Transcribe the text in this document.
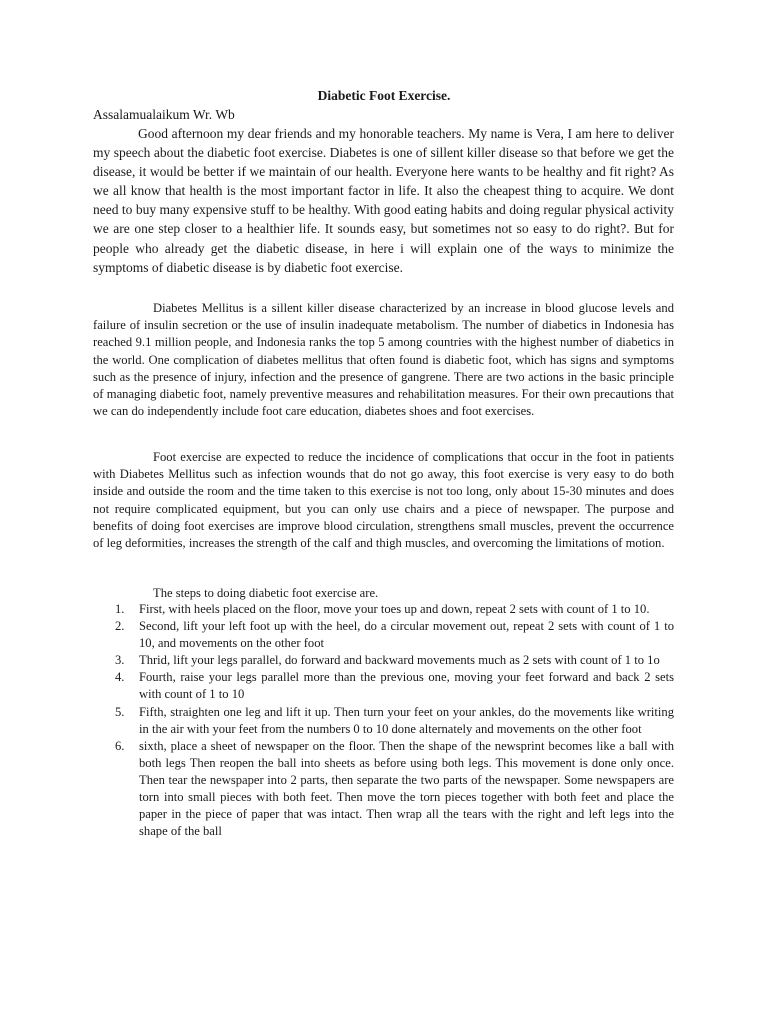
Diabetic Foot Exercise.

Assalamualaikum Wr. Wb

Good afternoon my dear friends and my honorable teachers. My name is Vera, I am here to deliver my speech about the diabetic foot exercise. Diabetes is one of sillent killer disease so that before we get the disease, it would be better if we maintain of our health. Everyone here wants to be healthy and fit right? As we all know that health is the most important factor in life. It also the cheapest thing to acquire. We dont need to buy many expensive stuff to be healthy. With good eating habits and doing regular physical activity we are one step closer to a healthier life. It sounds easy, but sometimes not so easy to do right?. But for people who already get the diabetic disease, in here i will explain one of the ways to minimize the symptoms of diabetic disease is by diabetic foot exercise.

Diabetes Mellitus is a sillent killer disease characterized by an increase in blood glucose levels and failure of insulin secretion or the use of insulin inadequate metabolism. The number of diabetics in Indonesia has reached 9.1 million people, and Indonesia ranks the top 5 among countries with the highest number of diabetics in the world. One complication of diabetes mellitus that often found is diabetic foot, which has signs and symptoms such as the presence of injury, infection and the presence of gangrene. There are two actions in the basic principle of managing diabetic foot, namely preventive measures and rehabilitation measures. For their own precautions that we can do independently include foot care education, diabetes shoes and foot exercises.

Foot exercise are expected to reduce the incidence of complications that occur in the foot in patients with Diabetes Mellitus such as infection wounds that do not go away, this foot exercise is very easy to do both inside and outside the room and the time taken to this exercise is not too long, only about 15-30 minutes and does not require complicated equipment, but you can only use chairs and a piece of newspaper. The purpose and benefits of doing foot exercises are improve blood circulation, strengthens small muscles, prevent the occurrence of leg deformities, increases the strength of the calf and thigh muscles, and overcoming the limitations of motion.

The steps to doing diabetic foot exercise are.

1. First, with heels placed on the floor, move your toes up and down, repeat 2 sets with count of 1 to 10.
2. Second, lift your left foot up with the heel, do a circular movement out, repeat 2 sets with count of 1 to 10, and movements on the other foot
3. Thrid, lift your legs parallel, do forward and backward movements much as 2 sets with count of 1 to 1o
4. Fourth, raise your legs parallel more than the previous one, moving your feet forward and back 2 sets with count of 1 to 10
5. Fifth, straighten one leg and lift it up. Then turn your feet on your ankles, do the movements like writing in the air with your feet from the numbers 0 to 10 done alternately and movements on the other foot
6. sixth, place a sheet of newspaper on the floor. Then the shape of the newsprint becomes like a ball with both legs Then reopen the ball into sheets as before using both legs. This movement is done only once. Then tear the newspaper into 2 parts, then separate the two parts of the newspaper. Some newspapers are torn into small pieces with both feet. Then move the torn pieces together with both feet and place the paper in the piece of paper that was intact. Then wrap all the tears with the right and left legs into the shape of the ball
